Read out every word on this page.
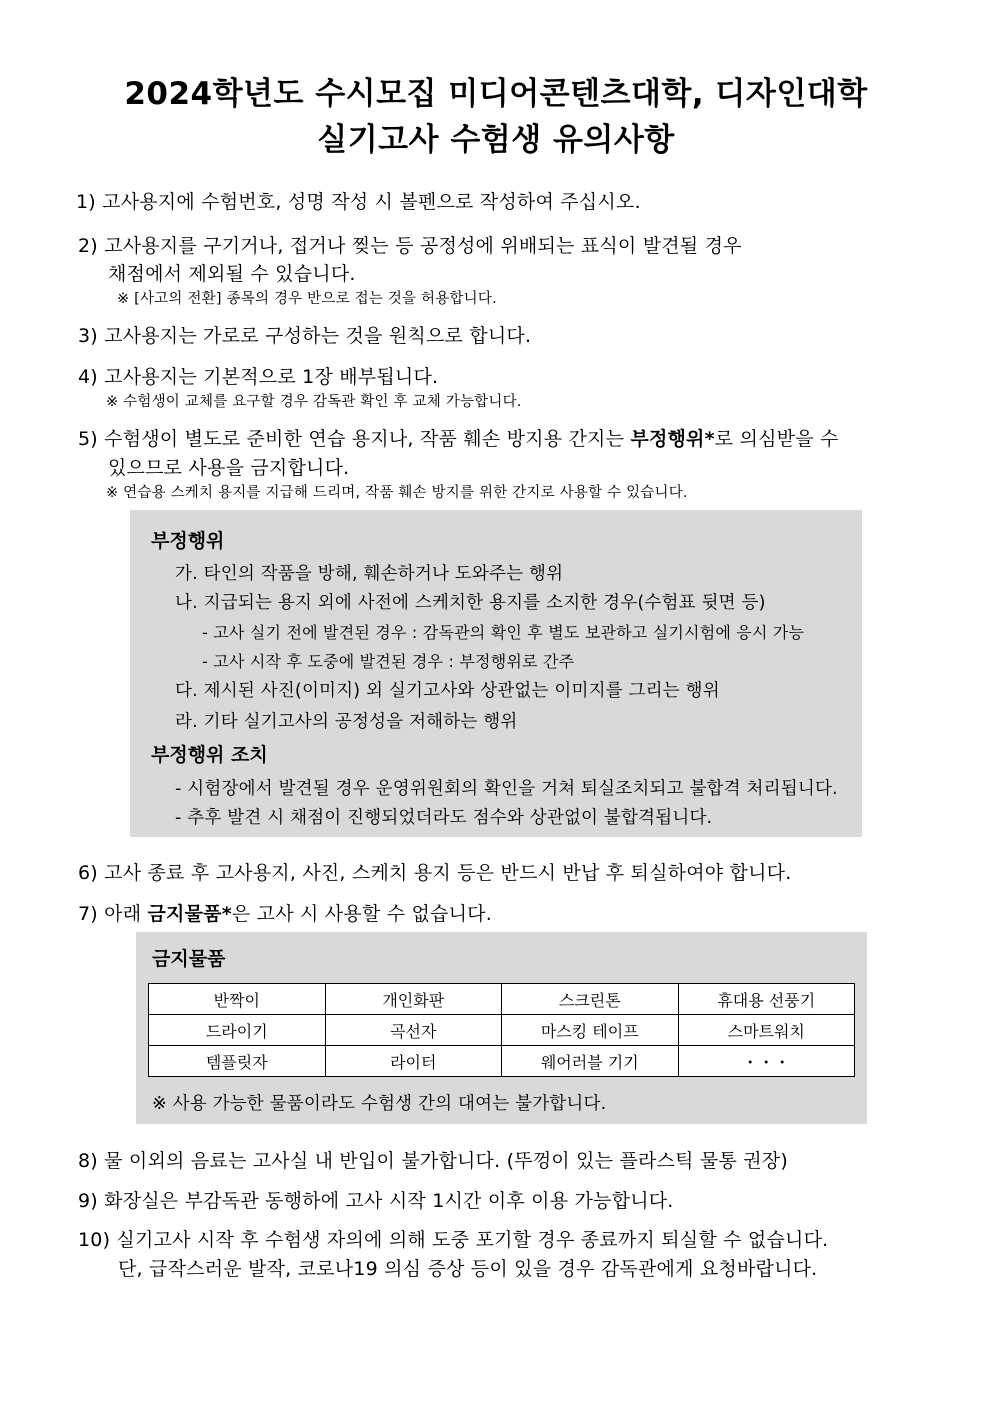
2024학년도 수시모집 미디어콘텐츠대학, 디자인대학
실기고사 수험생 유의사항
1) 고사용지에 수험번호, 성명 작성 시 볼펜으로 작성하여 주십시오.
2) 고사용지를 구기거나, 접거나 찢는 등 공정성에 위배되는 표식이 발견될 경우
채점에서 제외될 수 있습니다.
※ [사고의 전환] 종목의 경우 반으로 접는 것을 허용합니다.
3) 고사용지는 가로로 구성하는 것을 원칙으로 합니다.
4) 고사용지는 기본적으로 1장 배부됩니다.
※ 수험생이 교체를 요구할 경우 감독관 확인 후 교체 가능합니다.
5) 수험생이 별도로 준비한 연습 용지나, 작품 훼손 방지용 간지는 부정행위*로 의심받을 수
있으므로 사용을 금지합니다.
※ 연습용 스케치 용지를 지급해 드리며, 작품 훼손 방지를 위한 간지로 사용할 수 있습니다.
부정행위
가. 타인의 작품을 방해, 훼손하거나 도와주는 행위
나. 지급되는 용지 외에 사전에 스케치한 용지를 소지한 경우(수험표 뒷면 등)
- 고사 실기 전에 발견된 경우 : 감독관의 확인 후 별도 보관하고 실기시험에 응시 가능
- 고사 시작 후 도중에 발견된 경우 : 부정행위로 간주
다. 제시된 사진(이미지) 외 실기고사와 상관없는 이미지를 그리는 행위
라. 기타 실기고사의 공정성을 저해하는 행위
부정행위 조치
- 시험장에서 발견될 경우 운영위원회의 확인을 거쳐 퇴실조치되고 불합격 처리됩니다.
- 추후 발견 시 채점이 진행되었더라도 점수와 상관없이 불합격됩니다.
6) 고사 종료 후 고사용지, 사진, 스케치 용지 등은 반드시 반납 후 퇴실하여야 합니다.
7) 아래 금지물품*은 고사 시 사용할 수 없습니다.
금지물품
※ 사용 가능한 물품이라도 수험생 간의 대여는 불가합니다.
반짝이	개인화판	스크린톤	휴대용 선풍기
드라이기	곡선자	마스킹 테이프	스마트워치
템플릿자	라이터	웨어러블 기기	・・・
8) 물 이외의 음료는 고사실 내 반입이 불가합니다. (뚜껑이 있는 플라스틱 물통 권장)
9) 화장실은 부감독관 동행하에 고사 시작 1시간 이후 이용 가능합니다.
10) 실기고사 시작 후 수험생 자의에 의해 도중 포기할 경우 종료까지 퇴실할 수 없습니다.
단, 급작스러운 발작, 코로나19 의심 증상 등이 있을 경우 감독관에게 요청바랍니다.
